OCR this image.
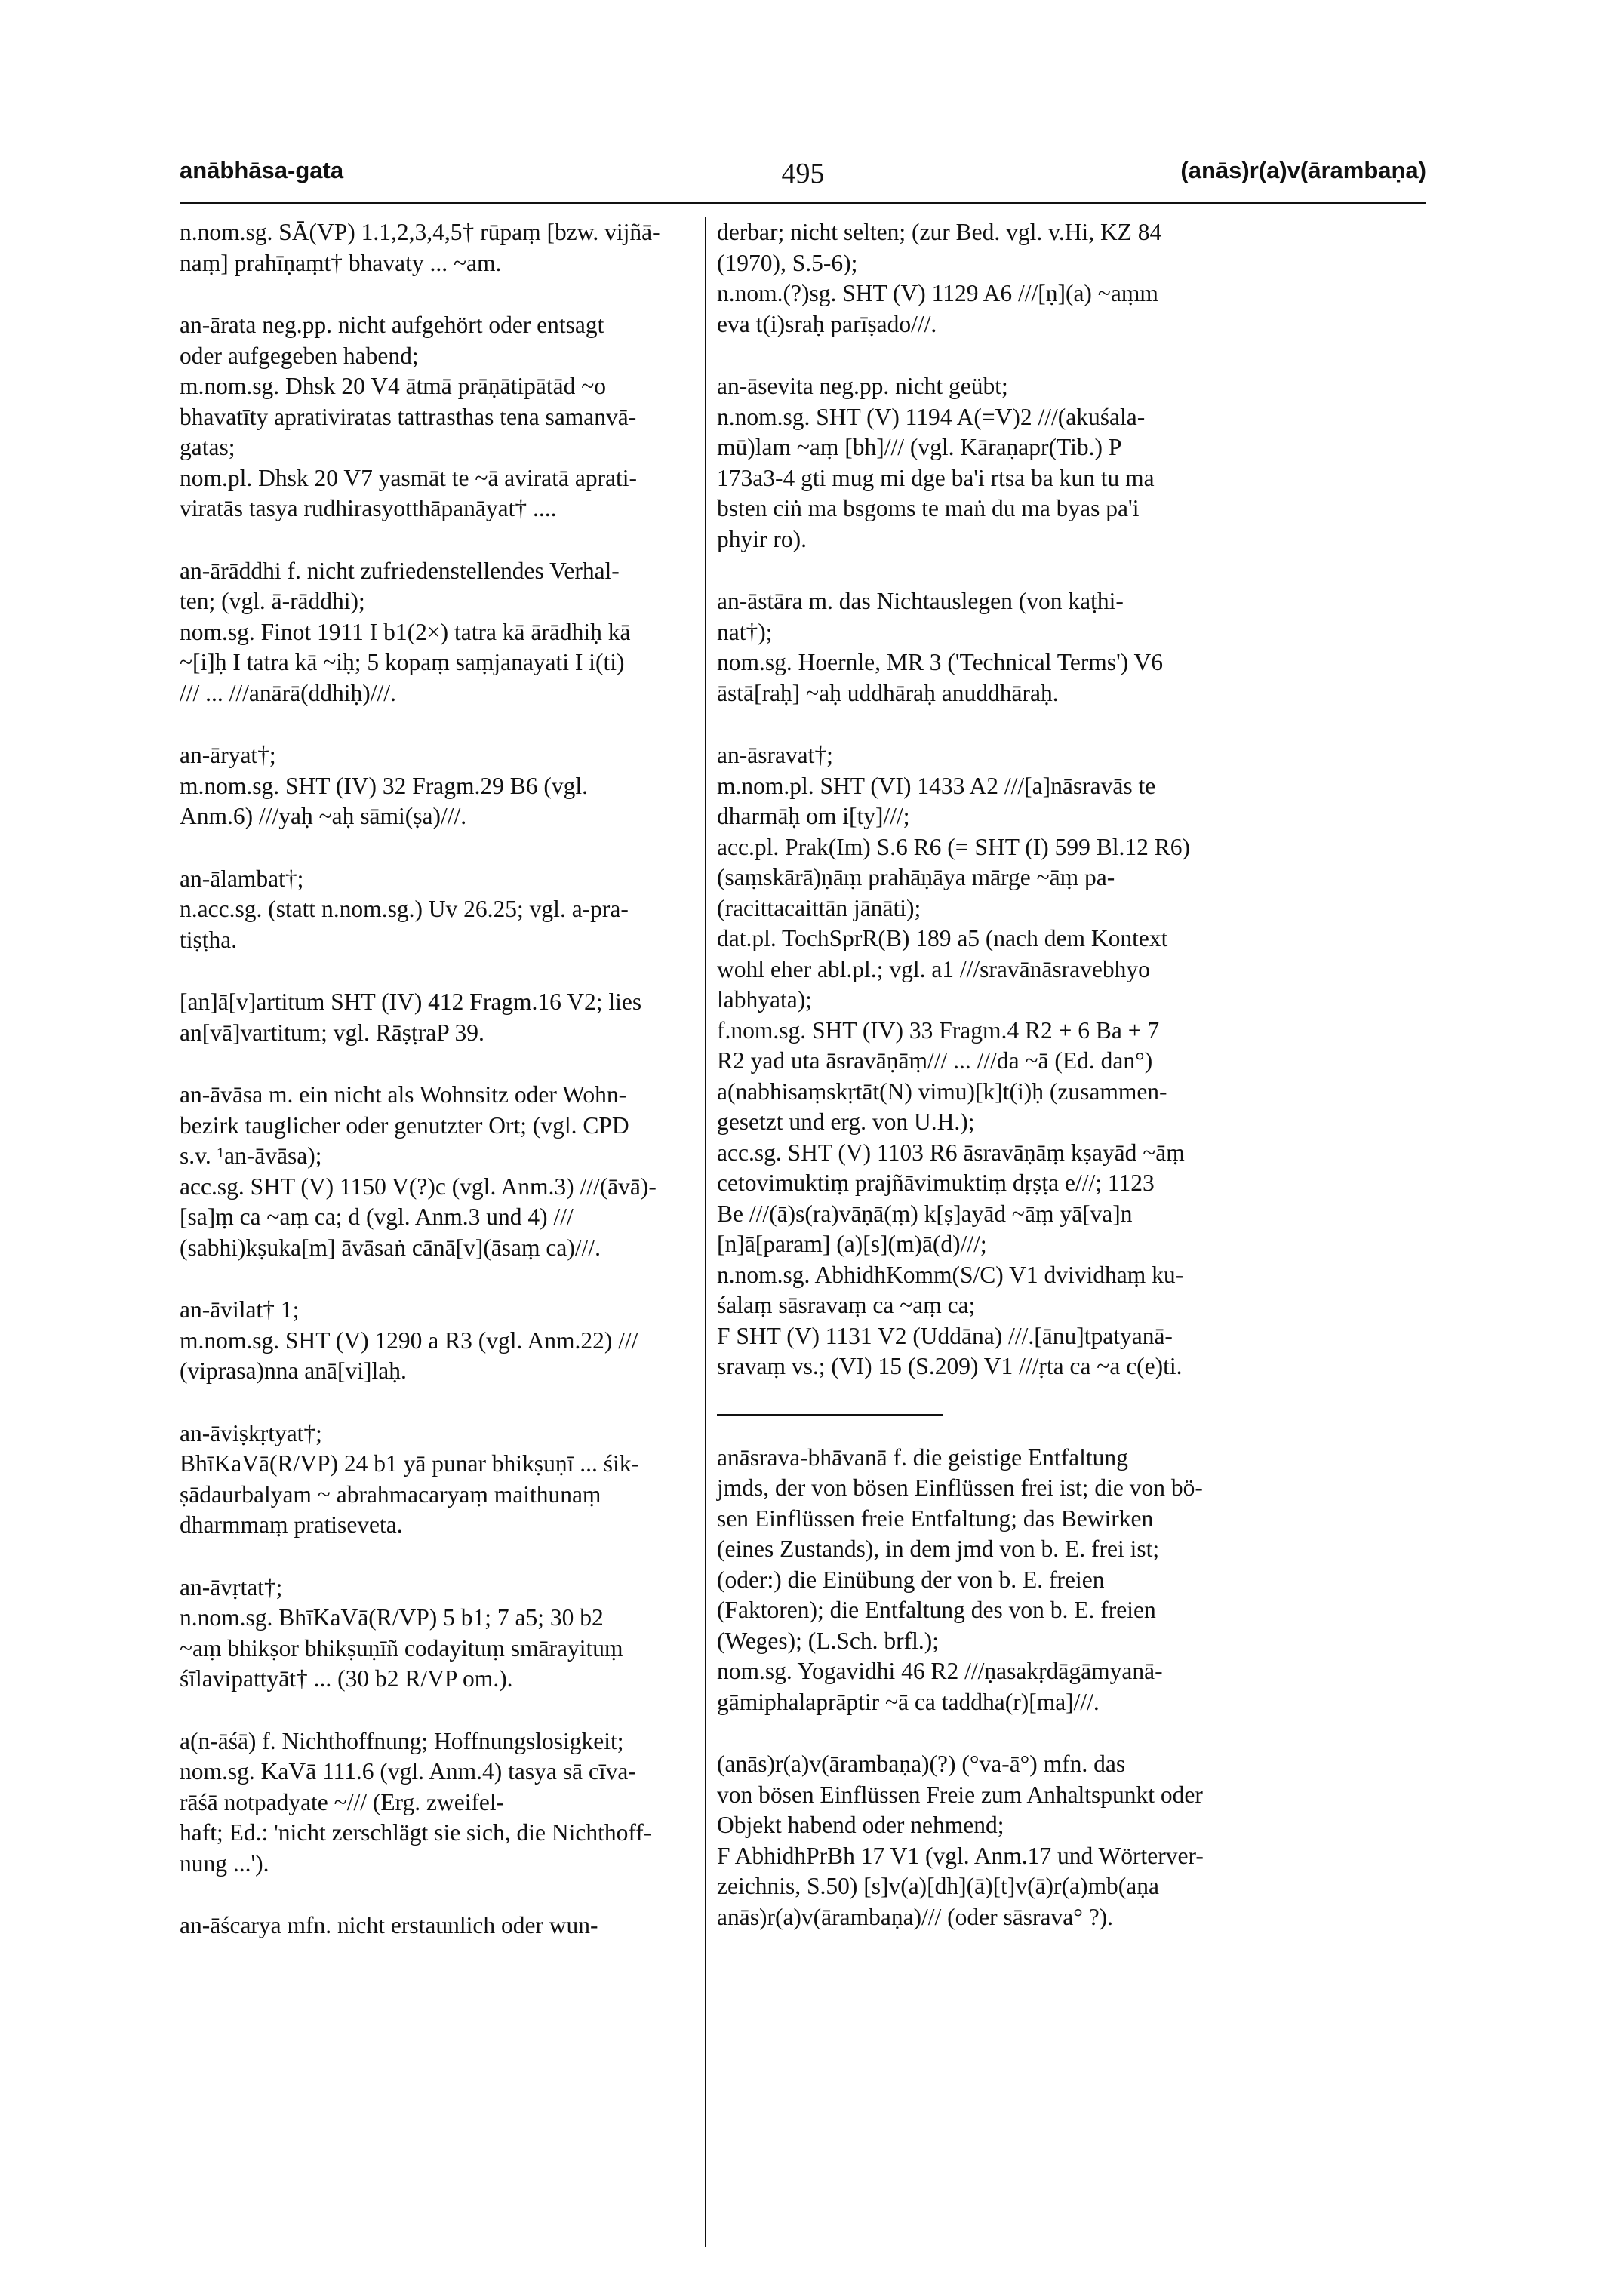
anābhāsa-gata	495	(anās)r(a)v(ārambaṇa)

n.nom.sg. SĀ(VP) 1.1,2,3,4,5† rūpaṃ [bzw. vijñā-

naṃ] prahīṇaṃt† bhavaty ... ~am.

an-ārata neg.pp. nicht aufgehört oder entsagt

oder aufgegeben habend;

m.nom.sg. Dhsk 20 V4 ātmā prāṇātipātād ~o

bhavatīty aprativiratas tattrasthas tena samanvā-

gatas;

nom.pl. Dhsk 20 V7 yasmāt te ~ā aviratā aprati-

viratās tasya rudhirasyotthāpanāyat† ....

an-ārāddhi f. nicht zufriedenstellendes Verhal-

ten; (vgl. ā-rāddhi);

nom.sg. Finot 1911 I b1(2×) tatra kā ārādhiḥ kā

~[i]ḥ I tatra kā ~iḥ; 5 kopaṃ saṃjanayati I i(ti)

/// ... ///anārā(ddhiḥ)///.

an-āryat†;

m.nom.sg. SHT (IV) 32 Fragm.29 B6 (vgl.

Anm.6) ///yaḥ ~aḥ sāmi(ṣa)///.

an-ālambat†;

n.acc.sg. (statt n.nom.sg.) Uv 26.25; vgl. a-pra-

tiṣṭha.

[an]ā[v]artitum SHT (IV) 412 Fragm.16 V2; lies

an[vā]vartitum; vgl. RāṣṭraP 39.

an-āvāsa m. ein nicht als Wohnsitz oder Wohn-

bezirk tauglicher oder genutzter Ort; (vgl. CPD

s.v. ¹an-āvāsa);

acc.sg. SHT (V) 1150 V(?)c (vgl. Anm.3) ///(āvā)-

[sa]ṃ ca ~aṃ ca; d (vgl. Anm.3 und 4) ///

(sabhi)kṣuka[m] āvāsaṅ cānā[v](āsaṃ ca)///.

an-āvilat† 1;

m.nom.sg. SHT (V) 1290 a R3 (vgl. Anm.22) ///

(viprasa)nna anā[vi]laḥ.

an-āviṣkṛtyat†;

BhīKaVā(R/VP) 24 b1 yā punar bhikṣuṇī ... śik-

ṣādaurbalyam ~ abrahmacaryaṃ maithunaṃ

dharmmaṃ pratiseveta.

an-āvṛtat†;

n.nom.sg. BhīKaVā(R/VP) 5 b1; 7 a5; 30 b2

~aṃ bhikṣor bhikṣuṇīñ codayituṃ smārayituṃ

śīlavipattyāt† ... (30 b2 R/VP om.).

a(n-āśā) f. Nichthoffnung; Hoffnungslosigkeit;

nom.sg. KaVā 111.6 (vgl. Anm.4) tasya sā cīva-

rāśā notpadyate ~/// (Erg. zweifel-

haft; Ed.: 'nicht zerschlägt sie sich, die Nichthoff-

nung ...').

an-āścarya mfn. nicht erstaunlich oder wun-

derbar; nicht selten; (zur Bed. vgl. v.Hi, KZ 84

(1970), S.5-6);

n.nom.(?)sg. SHT (V) 1129 A6 ///[ṇ](a) ~aṃm

eva t(i)sraḥ parīṣado///.

an-āsevita neg.pp. nicht geübt;

n.nom.sg. SHT (V) 1194 A(=V)2 ///(akuśala-

mū)lam ~aṃ [bh]/// (vgl. Kāraṇapr(Tib.) P

173a3-4 gti mug mi dge ba'i rtsa ba kun tu ma

bsten ciṅ ma bsgoms te maṅ du ma byas pa'i

phyir ro).

an-āstāra m. das Nichtauslegen (von kaṭhi-

nat†);

nom.sg. Hoernle, MR 3 ('Technical Terms') V6

āstā[raḥ] ~aḥ uddhāraḥ anuddhāraḥ.

an-āsravat†;

m.nom.pl. SHT (VI) 1433 A2 ///[a]nāsravās te

dharmāḥ om i[ty]///;

acc.pl. Prak(Im) S.6 R6 (= SHT (I) 599 Bl.12 R6)

(saṃskārā)ṇāṃ prahāṇāya mārge ~āṃ pa-

(racittacaittān jānāti);

dat.pl. TochSprR(B) 189 a5 (nach dem Kontext

wohl eher abl.pl.; vgl. a1 ///sravānāsravebhyo

labhyata);

f.nom.sg. SHT (IV) 33 Fragm.4 R2 + 6 Ba + 7

R2 yad uta āsravāṇāṃ/// ... ///da ~ā (Ed. dan°)

a(nabhisaṃskṛtāt(N) vimu)[k]t(i)ḥ (zusammen-

gesetzt und erg. von U.H.);

acc.sg. SHT (V) 1103 R6 āsravāṇāṃ kṣayād ~āṃ

cetovimuktiṃ prajñāvimuktiṃ dṛṣṭa e///; 1123

Be ///(ā)s(ra)vāṇā(ṃ) k[ṣ]ayād ~āṃ yā[va]n

[n]ā[param] (a)[s](m)ā(d)///;

n.nom.sg. AbhidhKomm(S/C) V1 dvividhaṃ ku-

śalaṃ sāsravaṃ ca ~aṃ ca;

F SHT (V) 1131 V2 (Uddāna) ///.[ānu]tpatyanā-

sravaṃ vs.; (VI) 15 (S.209) V1 ///ṛta ca ~a c(e)ti.

anāsrava-bhāvanā f. die geistige Entfaltung

jmds, der von bösen Einflüssen frei ist; die von bö-

sen Einflüssen freie Entfaltung; das Bewirken

(eines Zustands), in dem jmd von b. E. frei ist;

(oder:) die Einübung der von b. E. freien

(Faktoren); die Entfaltung des von b. E. freien

(Weges); (L.Sch. brfl.);

nom.sg. Yogavidhi 46 R2 ///ṇasakṛdāgāmyanā-

gāmiphalaprāptir ~ā ca taddha(r)[ma]///.

(anās)r(a)v(ārambaṇa)(?) (°va-ā°) mfn. das

von bösen Einflüssen Freie zum Anhaltspunkt oder

Objekt habend oder nehmend;

F AbhidhPrBh 17 V1 (vgl. Anm.17 und Wörterver-

zeichnis, S.50) [s]v(a)[dh](ā)[t]v(ā)r(a)mb(aṇa

anās)r(a)v(ārambaṇa)/// (oder sāsrava° ?).
